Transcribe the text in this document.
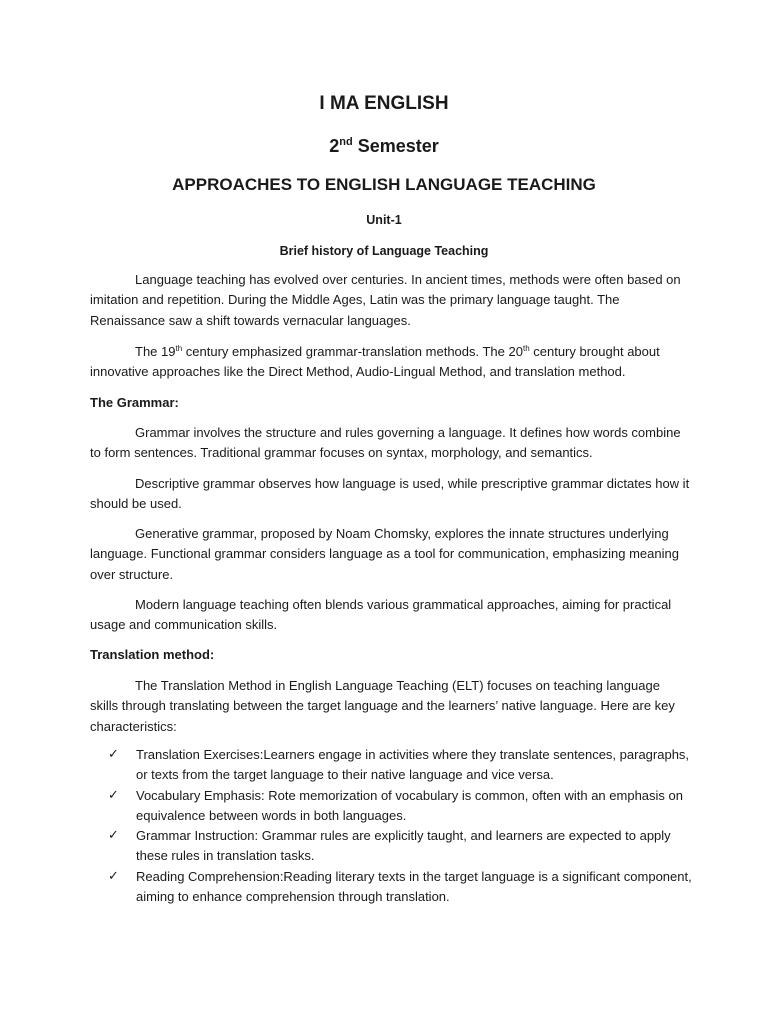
I MA ENGLISH
2nd Semester
APPROACHES TO ENGLISH LANGUAGE TEACHING
Unit-1
Brief history of Language Teaching

Language teaching has evolved over centuries. In ancient times, methods were often based on imitation and repetition. During the Middle Ages, Latin was the primary language taught. The Renaissance saw a shift towards vernacular languages.

The 19th century emphasized grammar-translation methods. The 20th century brought about innovative approaches like the Direct Method, Audio-Lingual Method, and translation method.

The Grammar:

Grammar involves the structure and rules governing a language. It defines how words combine to form sentences. Traditional grammar focuses on syntax, morphology, and semantics.

Descriptive grammar observes how language is used, while prescriptive grammar dictates how it should be used.

Generative grammar, proposed by Noam Chomsky, explores the innate structures underlying language. Functional grammar considers language as a tool for communication, emphasizing meaning over structure.

Modern language teaching often blends various grammatical approaches, aiming for practical usage and communication skills.

Translation method:

The Translation Method in English Language Teaching (ELT) focuses on teaching language skills through translating between the target language and the learners’ native language. Here are key characteristics:

✓ Translation Exercises:Learners engage in activities where they translate sentences, paragraphs, or texts from the target language to their native language and vice versa.
✓ Vocabulary Emphasis: Rote memorization of vocabulary is common, often with an emphasis on equivalence between words in both languages.
✓ Grammar Instruction: Grammar rules are explicitly taught, and learners are expected to apply these rules in translation tasks.
✓ Reading Comprehension:Reading literary texts in the target language is a significant component, aiming to enhance comprehension through translation.
